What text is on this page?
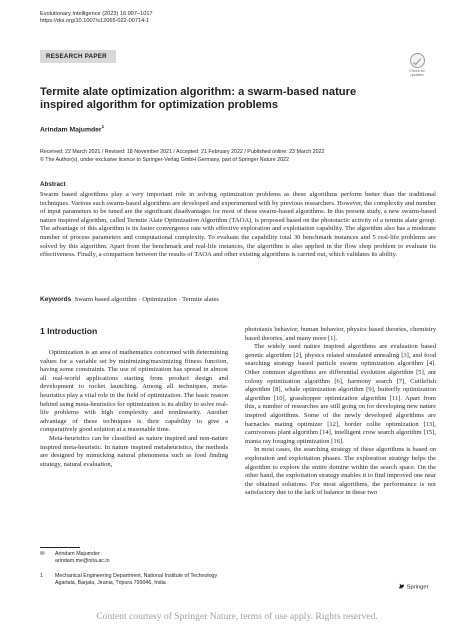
Evolutionary Intelligence (2023) 16:997–1017
https://doi.org/10.1007/s12065-022-00714-1
RESEARCH PAPER
Check for
updates
Termite alate optimization algorithm: a swarm-based nature inspired algorithm for optimization problems
Arindam Majumder$^1$
Received: 22 March 2021 / Revised: 18 November 2021 / Accepted: 21 February 2022 / Published online: 23 March 2022
© The Author(s), under exclusive licence to Springer-Verlag GmbH Germany, part of Springer Nature 2022
Abstract
Swarm based algorithms play a very important role in solving optimization problems as these algorithms perform better than the traditional techniques. Various such swarm-based algorithms are developed and experimented with by previous researchers. However, the complexity and number of input parameters to be tuned are the significant disadvantages for most of these swarm-based algorithms. In this present study, a new swarm-based nature inspired algorithm, called Termite Alate Optimization Algorithm (TAOA), is proposed based on the phototactic activity of a termite alate group. The advantage of this algorithm is its faster convergence rate with effective exploration and exploitation capability. The algorithm also has a moderate number of process parameters and computational complexity. To evaluate the capability total 30 benchmark instances and 5 real-life problems are solved by this algorithm. Apart from the benchmark and real-life instances, the algorithm is also applied in the flow shop problem to evaluate its effectiveness. Finally, a comparison between the results of TAOA and other existing algorithms is carried out, which validates its ability.
Keywords Swarm based algorithm · Optimization · Termite alates
1 Introduction

Optimization is an area of mathematics concerned with determining values for a variable set by minimizing/maximizing fitness function, having some constraints. The use of optimization has spread in almost all real-world applications starting from product design and development to rocket launching. Among all techniques, meta-heuristics play a vital role in the field of optimization. The basic reason behind using meta-heuristics for optimization is its ability to solve real-life problems with high complexity and nonlinearity. Another advantage of these techniques is their capability to give a comparatively good solution at a reasonable time.

Meta-heuristics can be classified as nature inspired and non-nature inspired meta-heuristic. In nature inspired metaheuristics, the methods are designed by mimicking natural phenomena such as food finding strategy, natural evaluation,

phototaxis behavior, human behavior, physics based theories, chemistry based theories, and many more [1].

The widely used nature inspired algorithms are evaluation based genetic algorithm [2], physics related simulated annealing [3], and food searching strategy based particle swarm optimization algorithm [4]. Other common algorithms are differential evolution algorithm [5], ant colony optimization algorithm [6], harmony search [7], Cuttlefish algorithm [8], whale optimization algorithm [9], butterfly optimization algorithm [10], grasshopper optimization algorithm [11]. Apart from this, a number of researches are still going on for developing new nature inspired algorithms. Some of the newly developed algorithms are barnacles mating optimizer [12], border collie optimization [13], carnivorous plant algorithm [14], intelligent crow search algorithm [15], manta ray foraging optimization [16].

In most cases, the searching strategy of these algorithms is based on exploration and exploitation phases. The exploration strategy helps the algorithm to explore the entire domine within the search space. On the other hand, the exploitation strategy enables it to find improved one near the obtained solutions. For most algorithms, the performance is not satisfactory due to the lack of balance in these two

✉ Arindam Majumder
arindam.me@nita.ac.in
1	Mechanical Engineering Department, National Institute of Technology Agartala, Barjala, Jirania, Tripura 799046, India
Springer
Content courtesy of Springer Nature, terms of use apply. Rights reserved.
